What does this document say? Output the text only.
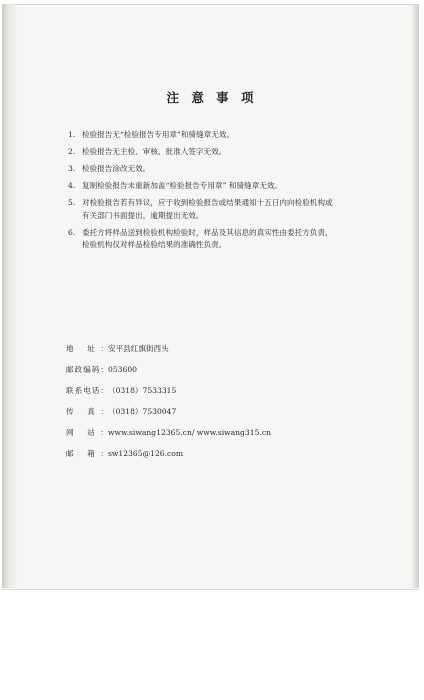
注 意 事 项
1. 检验报告无“检验报告专用章”和骑缝章无效。
2. 检验报告无主检、审核、批准人签字无效。
3. 检验报告涂改无效。
4. 复制检验报告未重新加盖“检验报告专用章” 和骑缝章无效。
5. 对检验报告若有异议，应于收到检验报告或结果通知十五日内向检验机构或
有关部门书面提出，逾期提出无效。
6. 委托方将样品送到检验机构检验时，样品及其信息的真实性由委托方负责，
检验机构仅对样品检验结果的准确性负责。
地 址：安平县红旗街西头
邮政编码：053600
联系电话：（0318）7533315
传 真：（0318）7530047
网 站：www.siwang12365.cn/ www.siwang315.cn
邮 箱：sw12365@126.com
